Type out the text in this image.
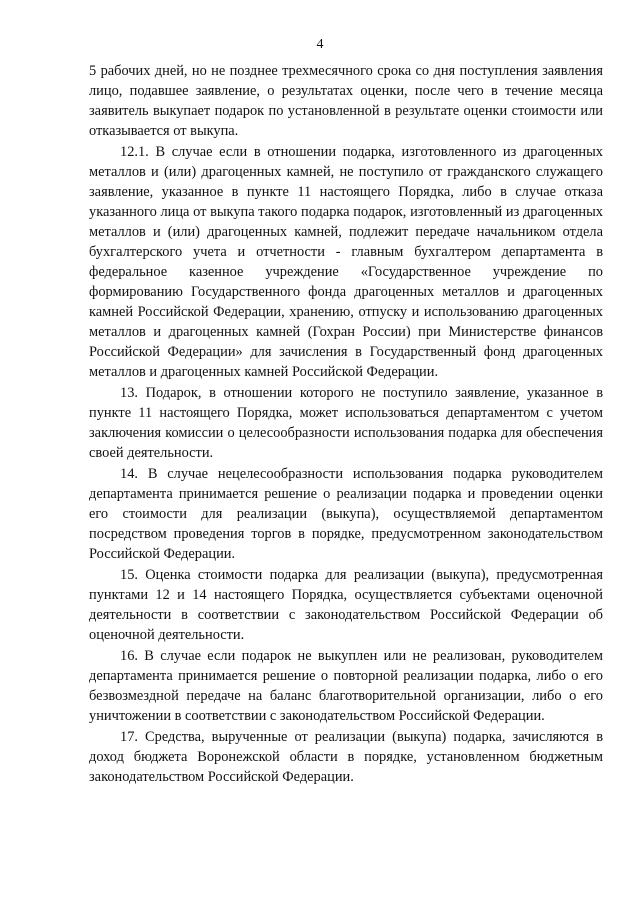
4

5 рабочих дней, но не позднее трехмесячного срока со дня поступления заявления лицо, подавшее заявление, о результатах оценки, после чего в течение месяца заявитель выкупает подарок по установленной в результате оценки стоимости или отказывается от выкупа.

12.1. В случае если в отношении подарка, изготовленного из драгоценных металлов и (или) драгоценных камней, не поступило от гражданского служащего заявление, указанное в пункте 11 настоящего Порядка, либо в случае отказа указанного лица от выкупа такого подарка подарок, изготовленный из драгоценных металлов и (или) драгоценных камней, подлежит передаче начальником отдела бухгалтерского учета и отчетности - главным бухгалтером департамента в федеральное казенное учреждение «Государственное учреждение по формированию Государственного фонда драгоценных металлов и драгоценных камней Российской Федерации, хранению, отпуску и использованию драгоценных металлов и драгоценных камней (Гохран России) при Министерстве финансов Российской Федерации» для зачисления в Государственный фонд драгоценных металлов и драгоценных камней Российской Федерации.

13. Подарок, в отношении которого не поступило заявление, указанное в пункте 11 настоящего Порядка, может использоваться департаментом с учетом заключения комиссии о целесообразности использования подарка для обеспечения своей деятельности.

14. В случае нецелесообразности использования подарка руководителем департамента принимается решение о реализации подарка и проведении оценки его стоимости для реализации (выкупа), осуществляемой департаментом посредством проведения торгов в порядке, предусмотренном законодательством Российской Федерации.

15. Оценка стоимости подарка для реализации (выкупа), предусмотренная пунктами 12 и 14 настоящего Порядка, осуществляется субъектами оценочной деятельности в соответствии с законодательством Российской Федерации об оценочной деятельности.

16. В случае если подарок не выкуплен или не реализован, руководителем департамента принимается решение о повторной реализации подарка, либо о его безвозмездной передаче на баланс благотворительной организации, либо о его уничтожении в соответствии с законодательством Российской Федерации.

17. Средства, вырученные от реализации (выкупа) подарка, зачисляются в доход бюджета Воронежской области в порядке, установленном бюджетным законодательством Российской Федерации.
